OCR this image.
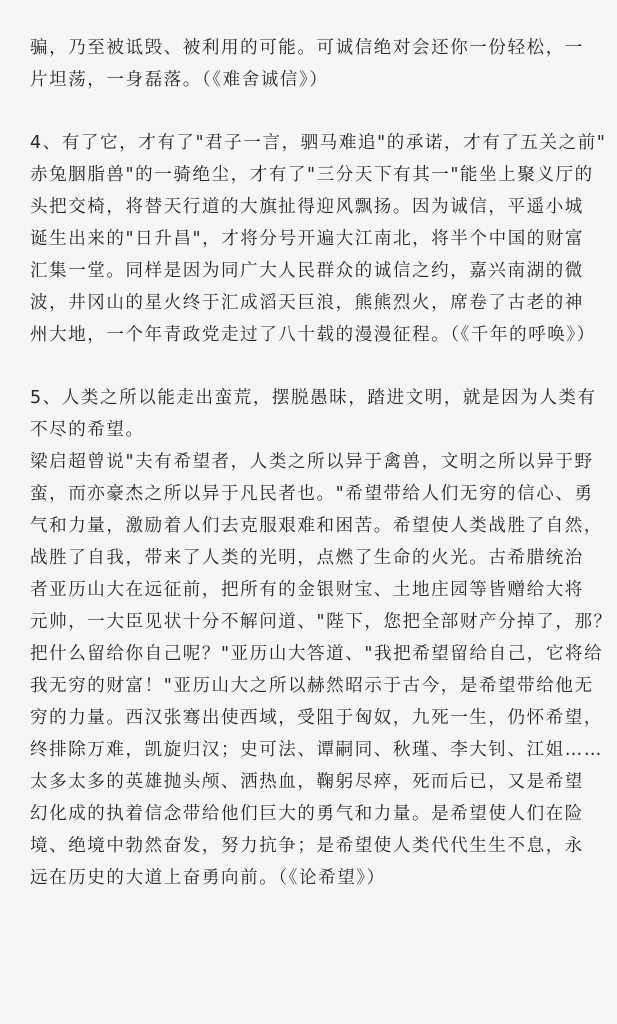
骗，乃至被诋毁、被利用的可能。可诚信绝对会还你一份轻松，一
片坦荡，一身磊落。（《难舍诚信》）

4、有了它，才有了"君子一言，驷马难追"的承诺，才有了五关之前"
赤兔胭脂兽"的一骑绝尘，才有了"三分天下有其一"能坐上聚义厅的
头把交椅，将替天行道的大旗扯得迎风飘扬。因为诚信，平遥小城
诞生出来的"日升昌"，才将分号开遍大江南北，将半个中国的财富
汇集一堂。同样是因为同广大人民群众的诚信之约，嘉兴南湖的微
波，井冈山的星火终于汇成滔天巨浪，熊熊烈火，席卷了古老的神
州大地，一个年青政党走过了八十载的漫漫征程。（《千年的呼唤》）

5、人类之所以能走出蛮荒，摆脱愚昧，踏进文明，就是因为人类有
不尽的希望。

梁启超曾说"夫有希望者，人类之所以异于禽兽，文明之所以异于野
蛮，而亦豪杰之所以异于凡民者也。"希望带给人们无穷的信心、勇
气和力量，激励着人们去克服艰难和困苦。希望使人类战胜了自然，
战胜了自我，带来了人类的光明，点燃了生命的火光。古希腊统治
者亚历山大在远征前，把所有的金银财宝、土地庄园等皆赠给大将
元帅，一大臣见状十分不解问道、"陛下，您把全部财产分掉了，那？
把什么留给你自己呢？"亚历山大答道、"我把希望留给自己，它将给
我无穷的财富！"亚历山大之所以赫然昭示于古今，是希望带给他无
穷的力量。西汉张骞出使西域，受阻于匈奴，九死一生，仍怀希望，
终排除万难，凯旋归汉；史可法、谭嗣同、秋瑾、李大钊、江姐……
太多太多的英雄抛头颅、洒热血，鞠躬尽瘁，死而后已，又是希望
幻化成的执着信念带给他们巨大的勇气和力量。是希望使人们在险
境、绝境中勃然奋发，努力抗争；是希望使人类代代生生不息，永
远在历史的大道上奋勇向前。（《论希望》）
